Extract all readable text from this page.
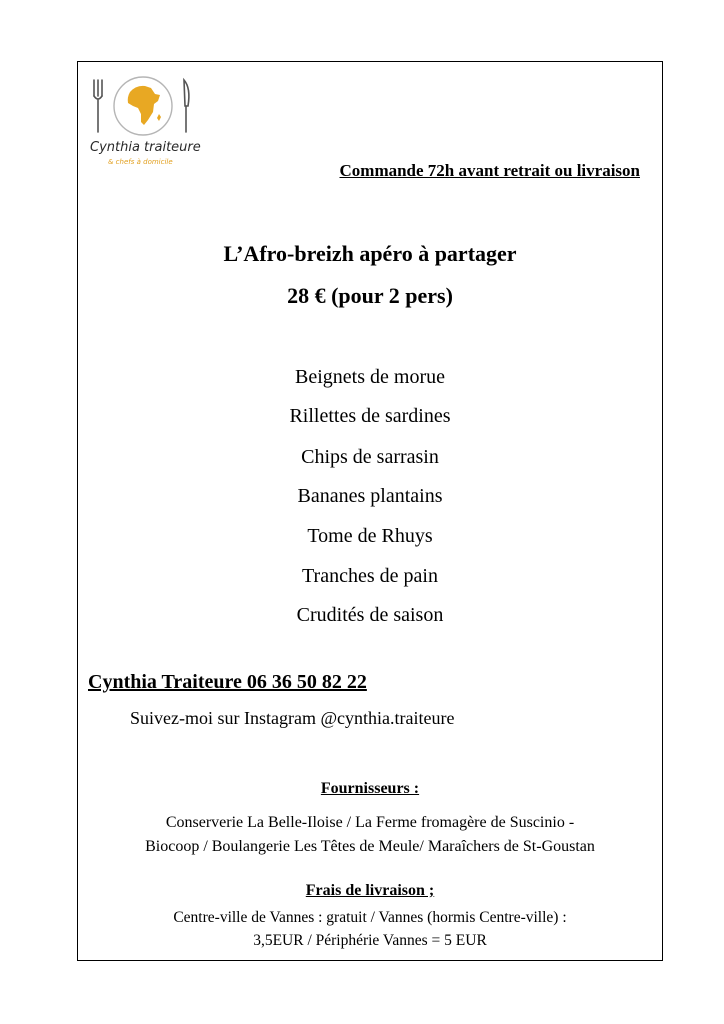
Cynthia traiteure
& chefs à domicile	Commande 72h avant retrait ou livraison
L’Afro-breizh apéro à partager
28 € (pour 2 pers)
Beignets de morue
Rillettes de sardines
Chips de sarrasin
Bananes plantains
Tome de Rhuys
Tranches de pain
Crudités de saison
Cynthia Traiteure 06 36 50 82 22
Suivez-moi sur Instagram @cynthia.traiteure
Fournisseurs :
Conserverie La Belle-Iloise / La Ferme fromagère de Suscinio -
Biocoop / Boulangerie Les Têtes de Meule/ Maraîchers de St-Goustan
Frais de livraison ;
Centre-ville de Vannes : gratuit / Vannes (hormis Centre-ville) :
3,5EUR / Périphérie Vannes = 5 EUR
